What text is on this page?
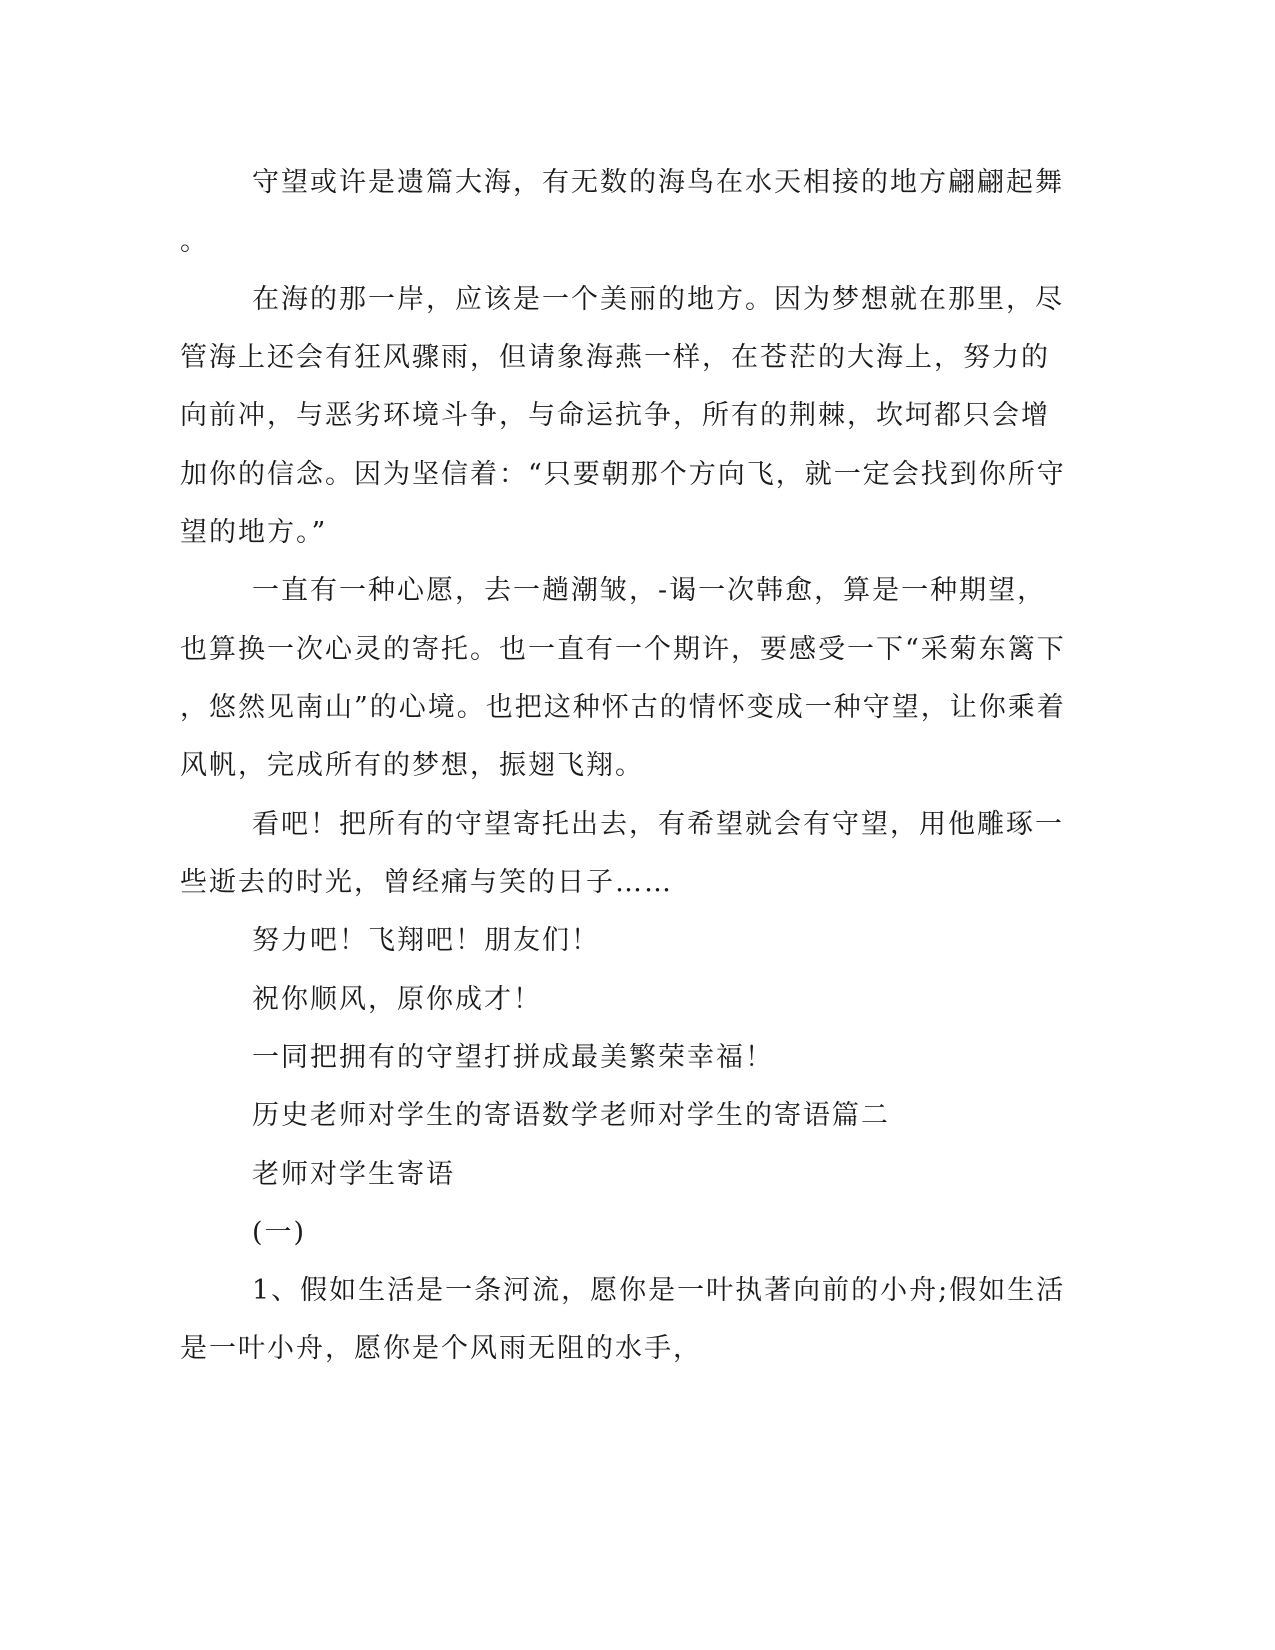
守望或许是遗篇大海，有无数的海鸟在水天相接的地方翩翩起舞
。
在海的那一岸，应该是一个美丽的地方。因为梦想就在那里，尽
管海上还会有狂风骤雨，但请象海燕一样，在苍茫的大海上，努力的
向前冲，与恶劣环境斗争，与命运抗争，所有的荆棘，坎坷都只会增
加你的信念。因为坚信着：“只要朝那个方向飞，就一定会找到你所守
望的地方。”
一直有一种心愿，去一趟潮皱，-谒一次韩愈，算是一种期望，
也算换一次心灵的寄托。也一直有一个期许，要感受一下“采菊东篱下
，悠然见南山”的心境。也把这种怀古的情怀变成一种守望，让你乘着
风帆，完成所有的梦想，振翅飞翔。
看吧！把所有的守望寄托出去，有希望就会有守望，用他雕琢一
些逝去的时光，曾经痛与笑的日子……
努力吧！飞翔吧！朋友们！
祝你顺风，原你成才！
一同把拥有的守望打拼成最美繁荣幸福！
历史老师对学生的寄语数学老师对学生的寄语篇二
老师对学生寄语
(一)
1、假如生活是一条河流，愿你是一叶执著向前的小舟;假如生活
是一叶小舟，愿你是个风雨无阻的水手，
